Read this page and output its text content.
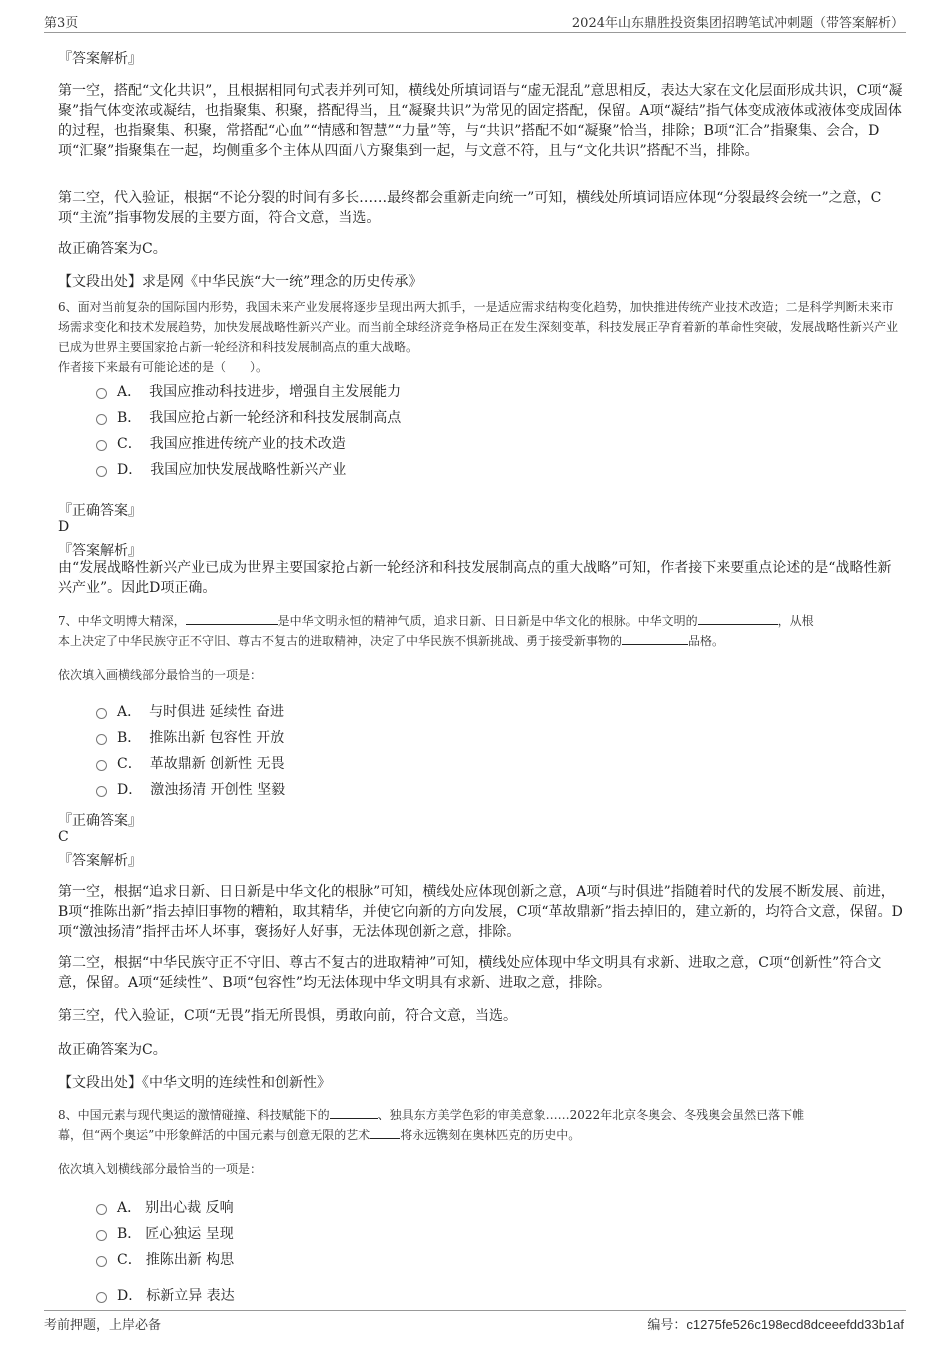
第3页	2024年山东鼎胜投资集团招聘笔试冲刺题（带答案解析）
『答案解析』
第一空，搭配“文化共识”，且根据相同句式表并列可知，横线处所填词语与“虚无混乱”意思相反，表达大家在文化层面形成共识，C项“凝聚”指气体变浓或凝结，也指聚集、积聚，搭配得当，且“凝聚共识”为常见的固定搭配，保留。A项“凝结”指气体变成液体或液体变成固体的过程，也指聚集、积聚，常搭配“心血”“情感和智慧”“力量”等，与“共识”搭配不如“凝聚”恰当，排除；B项“汇合”指聚集、会合，D项“汇聚”指聚集在一起，均侧重多个主体从四面八方聚集到一起，与文意不符，且与“文化共识”搭配不当，排除。
第二空，代入验证，根据“不论分裂的时间有多长……最终都会重新走向统一”可知，横线处所填词语应体现“分裂最终会统一”之意，C项“主流”指事物发展的主要方面，符合文意，当选。
故正确答案为C。
【文段出处】求是网《中华民族“大一统”理念的历史传承》
6、面对当前复杂的国际国内形势，我国未来产业发展将逐步呈现出两大抓手，一是适应需求结构变化趋势，加快推进传统产业技术改造；二是科学判断未来市场需求变化和技术发展趋势，加快发展战略性新兴产业。而当前全球经济竞争格局正在发生深刻变革，科技发展正孕育着新的革命性突破，发展战略性新兴产业已成为世界主要国家抢占新一轮经济和科技发展制高点的重大战略。
作者接下来最有可能论述的是（　　）。
A． 我国应推动科技进步，增强自主发展能力
B． 我国应抢占新一轮经济和科技发展制高点
C． 我国应推进传统产业的技术改造
D． 我国应加快发展战略性新兴产业
『正确答案』
D
『答案解析』
由“发展战略性新兴产业已成为世界主要国家抢占新一轮经济和科技发展制高点的重大战略”可知，作者接下来要重点论述的是“战略性新兴产业”。因此D项正确。
7、中华文明博大精深，	是中华文明永恒的精神气质，追求日新、日日新是中华文化的根脉。中华文明的	，从根
本上决定了中华民族守正不守旧、尊古不复古的进取精神，决定了中华民族不惧新挑战、勇于接受新事物的	品格。
依次填入画横线部分最恰当的一项是：
A． 与时俱进 延续性 奋进
B． 推陈出新 包容性 开放
C． 革故鼎新 创新性 无畏
D． 激浊扬清 开创性 坚毅
『正确答案』
C
『答案解析』
第一空，根据“追求日新、日日新是中华文化的根脉”可知，横线处应体现创新之意，A项“与时俱进”指随着时代的发展不断发展、前进，B项“推陈出新”指去掉旧事物的糟粕，取其精华，并使它向新的方向发展，C项“革故鼎新”指去掉旧的，建立新的，均符合文意，保留。D项“激浊扬清”指抨击坏人坏事，褒扬好人好事，无法体现创新之意，排除。
第二空，根据“中华民族守正不守旧、尊古不复古的进取精神”可知，横线处应体现中华文明具有求新、进取之意，C项“创新性”符合文意，保留。A项“延续性”、B项“包容性”均无法体现中华文明具有求新、进取之意，排除。
第三空，代入验证，C项“无畏”指无所畏惧，勇敢向前，符合文意，当选。
故正确答案为C。
【文段出处】《中华文明的连续性和创新性》
8、中国元素与现代奥运的激情碰撞、科技赋能下的	、独具东方美学色彩的审美意象……2022年北京冬奥会、冬残奥会虽然已落下帷
幕，但“两个奥运”中形象鲜活的中国元素与创意无限的艺术	将永远镌刻在奥林匹克的历史中。
依次填入划横线部分最恰当的一项是：
A． 别出心裁 反响
B． 匠心独运 呈现
C． 推陈出新 构思
D． 标新立异 表达
考前押题，上岸必备	编号：c1275fe526c198ecd8dceeefdd33b1af
